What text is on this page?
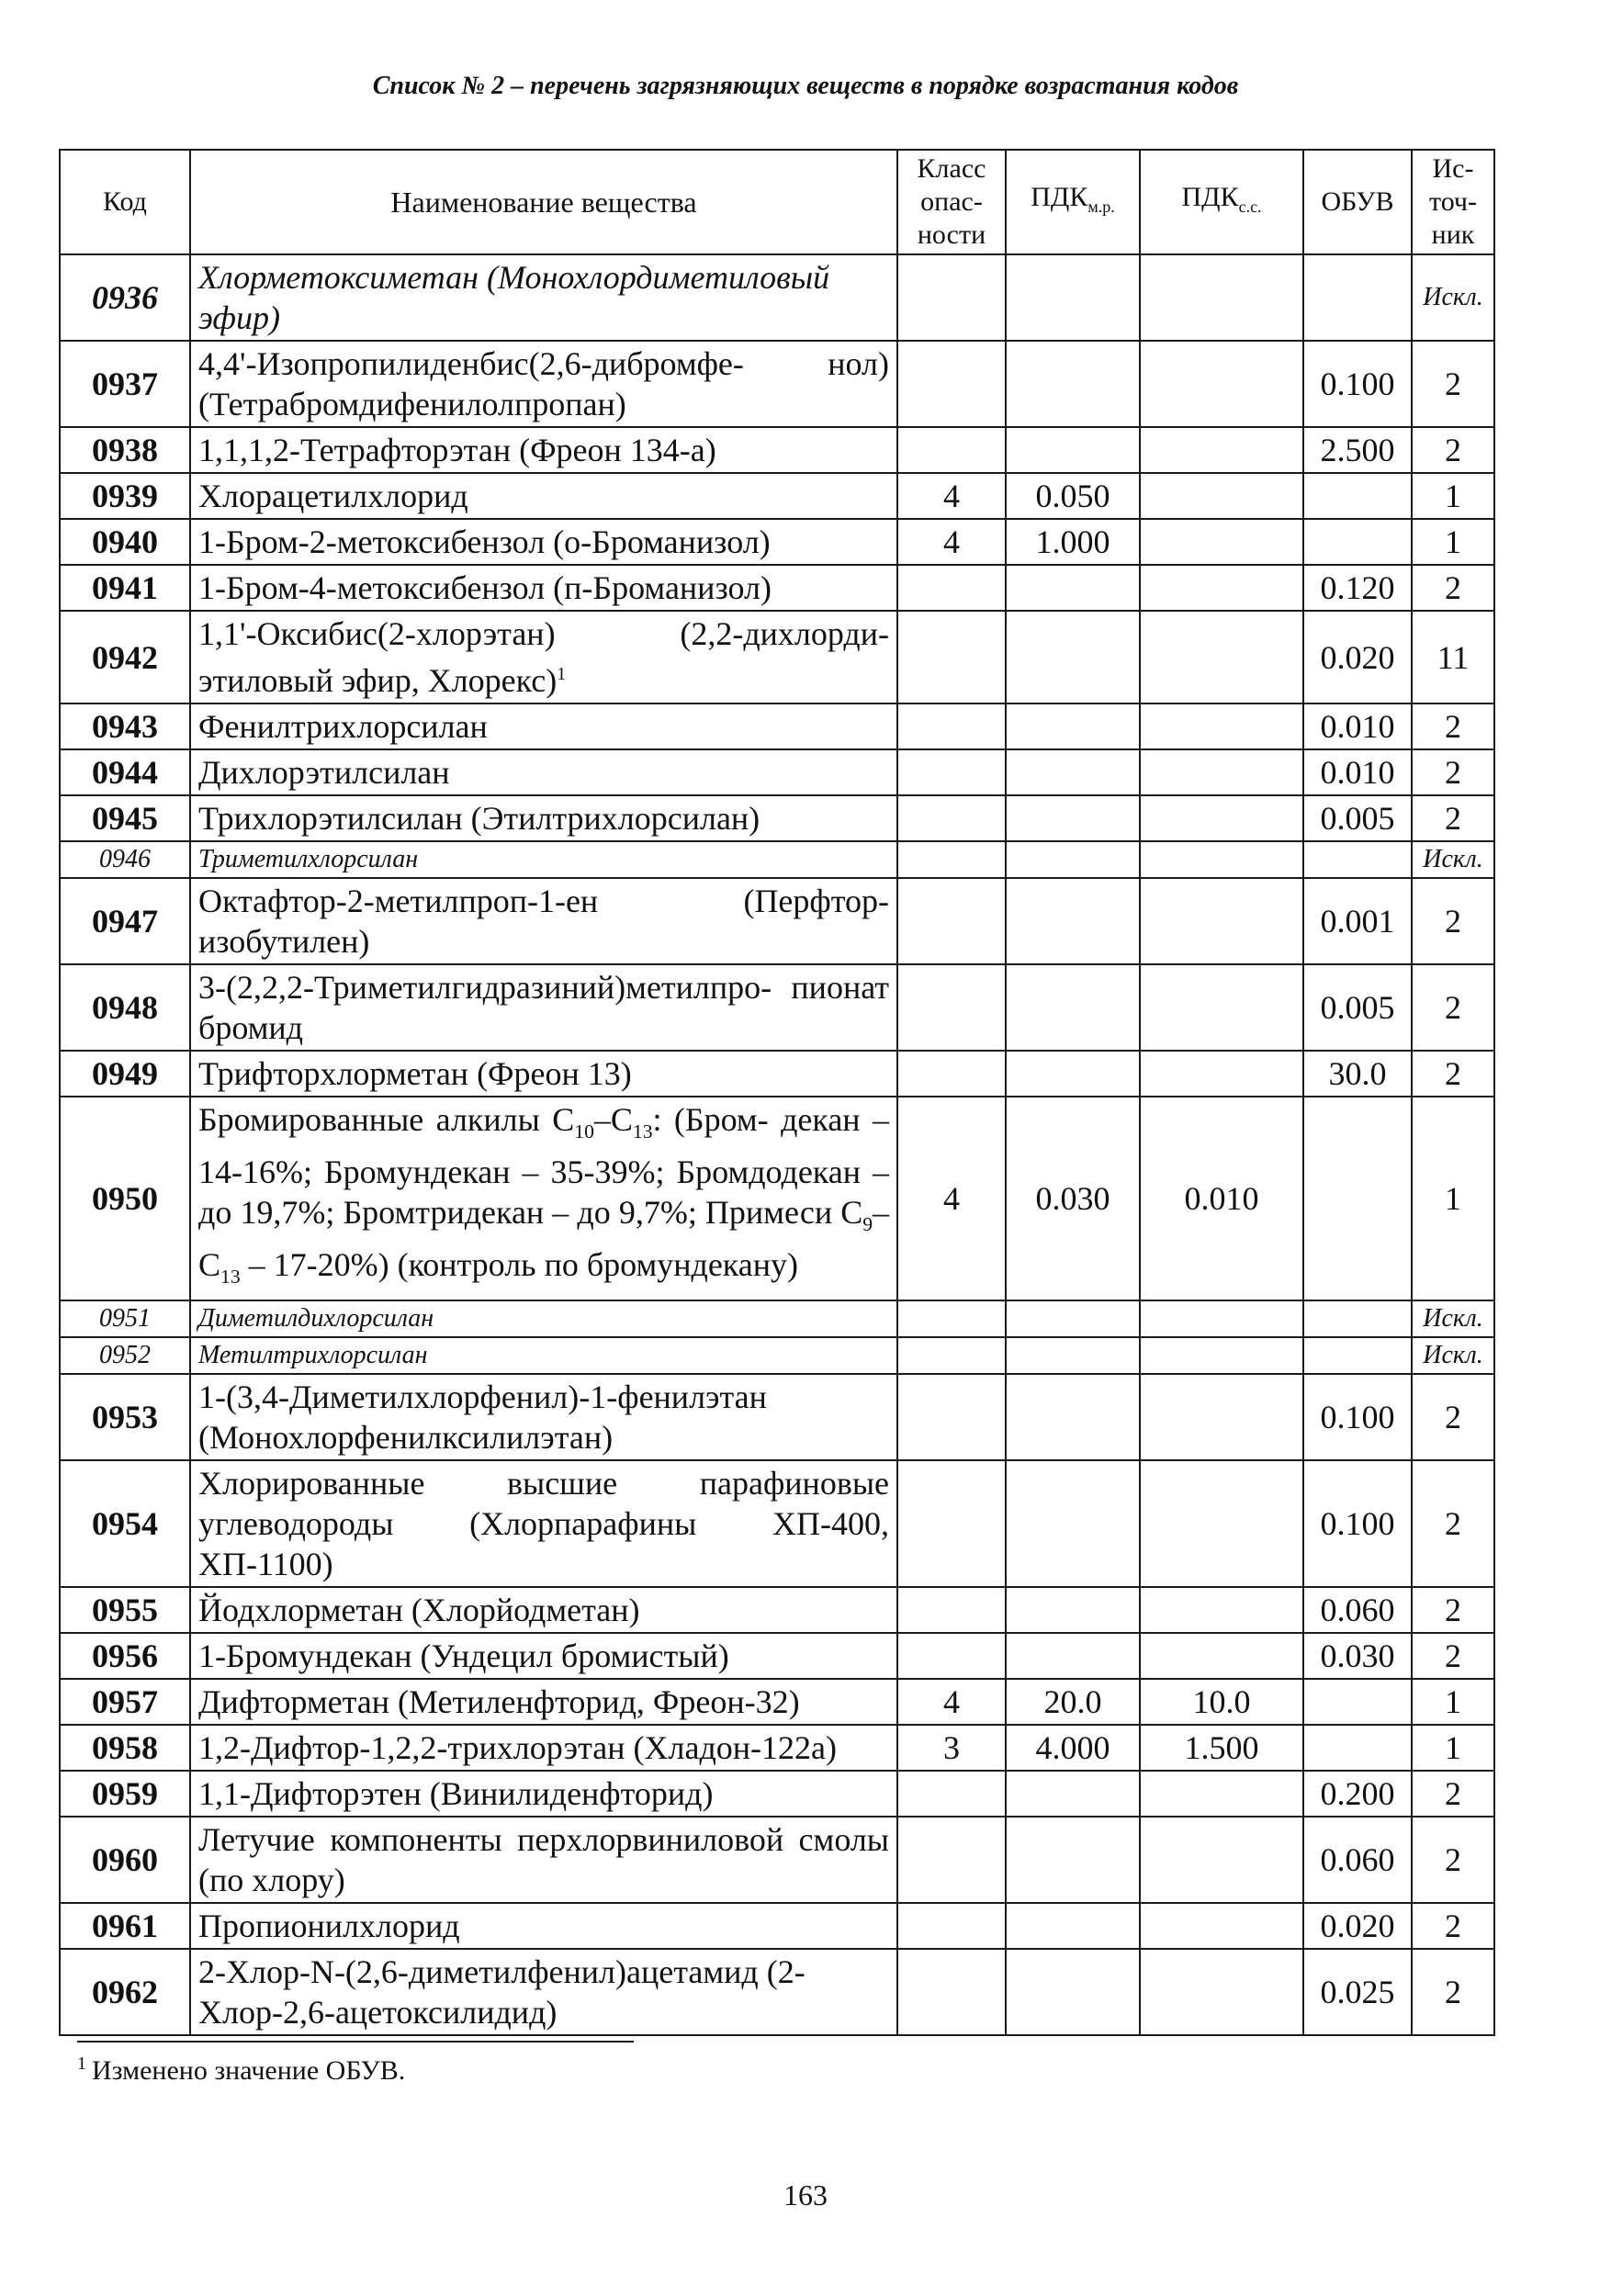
Список № 2 – перечень загрязняющих веществ в порядке возрастания кодов
Код	Наименование вещества	Класс опас- ности	$ПДК_{м.р.}$	$ПДК_{с.с.}$	ОБУВ	Ис- точ- ник
0936	Хлорметоксиметан (Монохлордиметиловый эфир)					Искл.
0937	4,4'-Изопропилиденбис(2,6-дибромфе- нол) (Тетрабромдифенилолпропан)				0.100	2
0938	1,1,1,2-Тетрафторэтан (Фреон 134-а)				2.500	2
0939	Хлорацетилхлорид	4	0.050			1
0940	1-Бром-2-метоксибензол (о-Броманизол)	4	1.000			1
0941	1-Бром-4-метоксибензол (п-Броманизол)				0.120	2
0942	1,1'-Оксибис(2-хлорэтан) (2,2-дихлорди- этиловый эфир, Хлорекс)$^1$				0.020	11
0943	Фенилтрихлорсилан				0.010	2
0944	Дихлорэтилсилан				0.010	2
0945	Трихлорэтилсилан (Этилтрихлорсилан)				0.005	2
0946	Триметилхлорсилан					Искл.
0947	Октафтор-2-метилпроп-1-ен (Перфтор- изобутилен)				0.001	2
0948	3-(2,2,2-Триметилгидразиний)метилпро- пионат бромид				0.005	2
0949	Трифторхлорметан (Фреон 13)				30.0	2
0950	Бромированные алкилы $C_{10}-C_{13}$: (Бром- декан – 14-16%; Бромундекан – 35-39%; Бромдодекан – до 19,7%; Бромтридекан – до 9,7%; Примеси $C_9-C_{13} - 17-20\%$) (контроль по бромундекану)	4	0.030	0.010		1
0951	Диметилдихлорсилан					Искл.
0952	Метилтрихлорсилан					Искл.
0953	1-(3,4-Диметилхлорфенил)-1-фенилэтан (Монохлорфенилксилилэтан)				0.100	2
0954	Хлорированные высшие парафиновые углеводороды (Хлорпарафины ХП-400, ХП-1100)				0.100	2
0955	Йодхлорметан (Хлорйодметан)				0.060	2
0956	1-Бромундекан (Ундецил бромистый)				0.030	2
0957	Дифторметан (Метиленфторид, Фреон-32)	4	20.0	10.0		1
0958	1,2-Дифтор-1,2,2-трихлорэтан (Хладон-122а)	3	4.000	1.500		1
0959	1,1-Дифторэтен (Винилиденфторид)				0.200	2
0960	Летучие компоненты перхлорвиниловой смолы (по хлору)				0.060	2
0961	Пропионилхлорид				0.020	2
0962	2-Хлор-N-(2,6-диметилфенил)ацетамид (2-Хлор-2,6-ацетоксилидид)				0.025	2
$^1$ Изменено значение ОБУВ.
163
